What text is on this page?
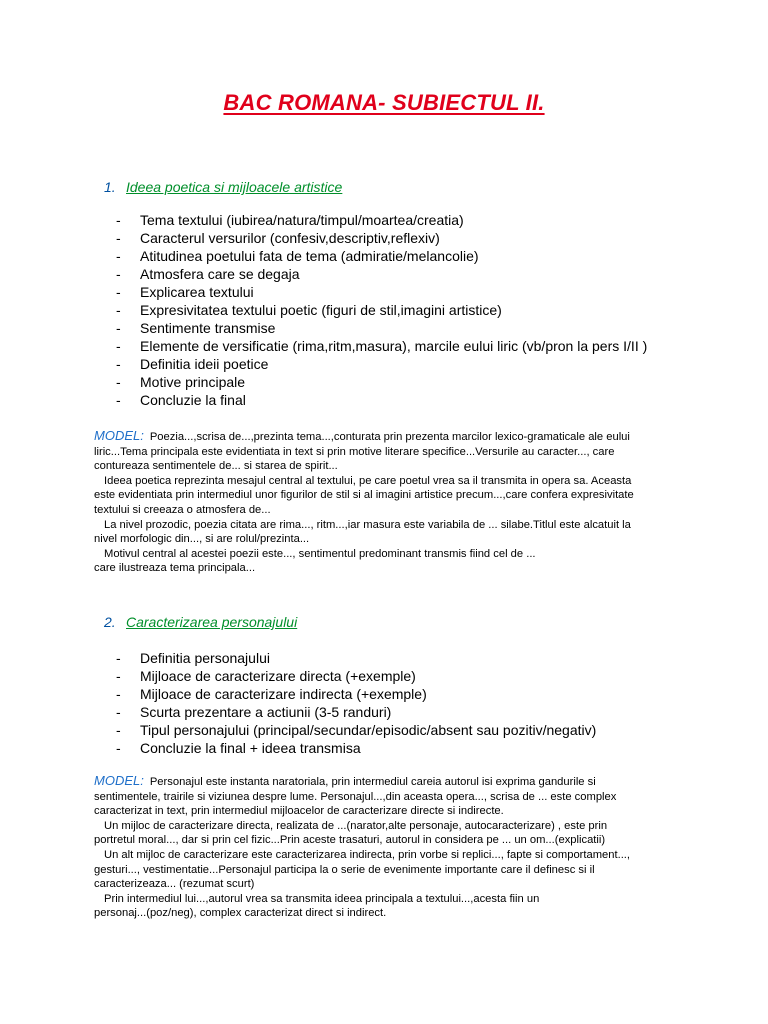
BAC ROMANA- SUBIECTUL II.
1. Ideea poetica si mijloacele artistice
- Tema textului (iubirea/natura/timpul/moartea/creatia)
- Caracterul versurilor (confesiv,descriptiv,reflexiv)
- Atitudinea poetului fata de tema (admiratie/melancolie)
- Atmosfera care se degaja
- Explicarea textului
- Expresivitatea textului poetic (figuri de stil,imagini artistice)
- Sentimente transmise
- Elemente de versificatie (rima,ritm,masura), marcile eului liric (vb/pron la pers I/II )
- Definitia ideii poetice
- Motive principale
- Concluzie la final

MODEL: Poezia...,scrisa de...,prezinta tema...,conturata prin prezenta marcilor lexico-gramaticale ale eului

liric...Tema principala este evidentiata in text si prin motive literare specifice...Versurile au caracter..., care

contureaza sentimentele de... si starea de spirit...

Ideea poetica reprezinta mesajul central al textului, pe care poetul vrea sa il transmita in opera sa. Aceasta

este evidentiata prin intermediul unor figurilor de stil si al imagini artistice precum...,care confera expresivitate

textului si creeaza o atmosfera de...

La nivel prozodic, poezia citata are rima..., ritm...,iar masura este variabila de ... silabe.Titlul este alcatuit la

nivel morfologic din..., si are rolul/prezinta...

Motivul central al acestei poezii este..., sentimentul predominant transmis fiind cel de ...

care ilustreaza tema principala...

2. Caracterizarea personajului
- Definitia personajului
- Mijloace de caracterizare directa (+exemple)
- Mijloace de caracterizare indirecta (+exemple)
- Scurta prezentare a actiunii (3-5 randuri)
- Tipul personajului (principal/secundar/episodic/absent sau pozitiv/negativ)
- Concluzie la final + ideea transmisa

MODEL: Personajul este instanta naratoriala, prin intermediul careia autorul isi exprima gandurile si

sentimentele, trairile si viziunea despre lume. Personajul...,din aceasta opera..., scrisa de ... este complex

caracterizat in text, prin intermediul mijloacelor de caracterizare directe si indirecte.

Un mijloc de caracterizare directa, realizata de ...(narator,alte personaje, autocaracterizare) , este prin

portretul moral..., dar si prin cel fizic...Prin aceste trasaturi, autorul in considera pe ... un om...(explicatii)

Un alt mijloc de caracterizare este caracterizarea indirecta, prin vorbe si replici..., fapte si comportament...,

gesturi..., vestimentatie...Personajul participa la o serie de evenimente importante care il definesc si il

caracterizeaza... (rezumat scurt)

Prin intermediul lui...,autorul vrea sa transmita ideea principala a textului...,acesta fiin un

personaj...(poz/neg), complex caracterizat direct si indirect.
